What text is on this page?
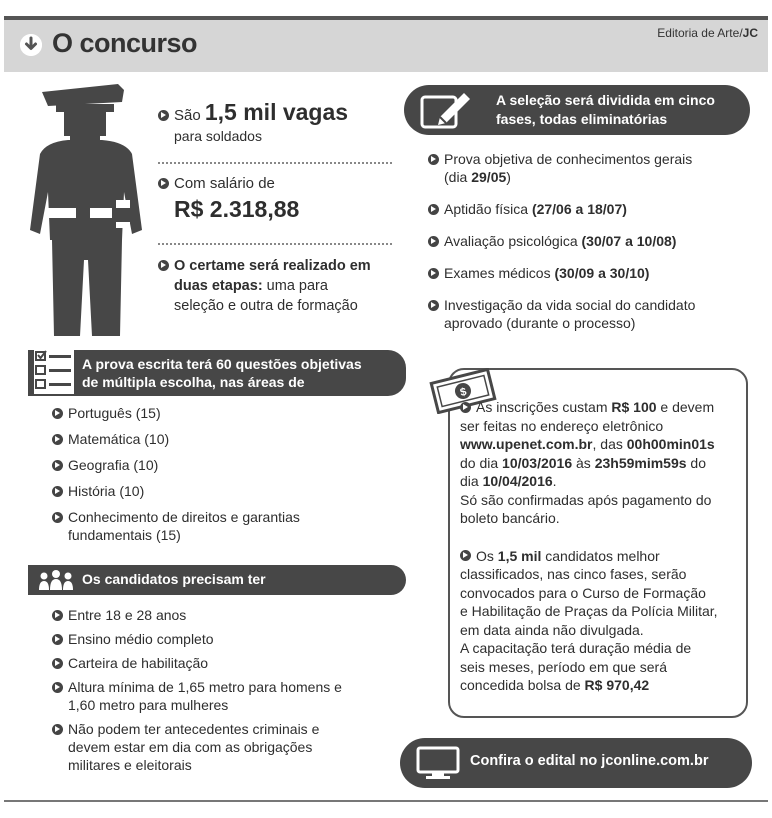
O concurso	Editoria de Arte/JC
São 1,5 mil vagas
para soldados
Com salário de
R$ 2.318,88
O certame será realizado em
duas etapas: uma para
seleção e outra de formação
A prova escrita terá 60 questões objetivas
de múltipla escolha, nas áreas de
Português (15)
Matemática (10)
Geografia (10)
História (10)
Conhecimento de direitos e garantias
fundamentais (15)
Os candidatos precisam ter
Entre 18 e 28 anos
Ensino médio completo
Carteira de habilitação
Altura mínima de 1,65 metro para homens e
1,60 metro para mulheres
Não podem ter antecedentes criminais e
devem estar em dia com as obrigações
militares e eleitorais
A seleção será dividida em cinco
fases, todas eliminatórias
Prova objetiva de conhecimentos gerais
(dia 29/05)
Aptidão física (27/06 a 18/07)
Avaliação psicológica (30/07 a 10/08)
Exames médicos (30/09 a 30/10)
Investigação da vida social do candidato
aprovado (durante o processo)
$
As inscrições custam R$ 100 e devem
ser feitas no endereço eletrônico
www.upenet.com.br, das 00h00min01s
do dia 10/03/2016 às 23h59mim59s do
dia 10/04/2016.
Só são confirmadas após pagamento do
boleto bancário.
Os 1,5 mil candidatos melhor
classificados, nas cinco fases, serão
convocados para o Curso de Formação
e Habilitação de Praças da Polícia Militar,
em data ainda não divulgada.
A capacitação terá duração média de
seis meses, período em que será
concedida bolsa de R$ 970,42
Confira o edital no jconline.com.br
